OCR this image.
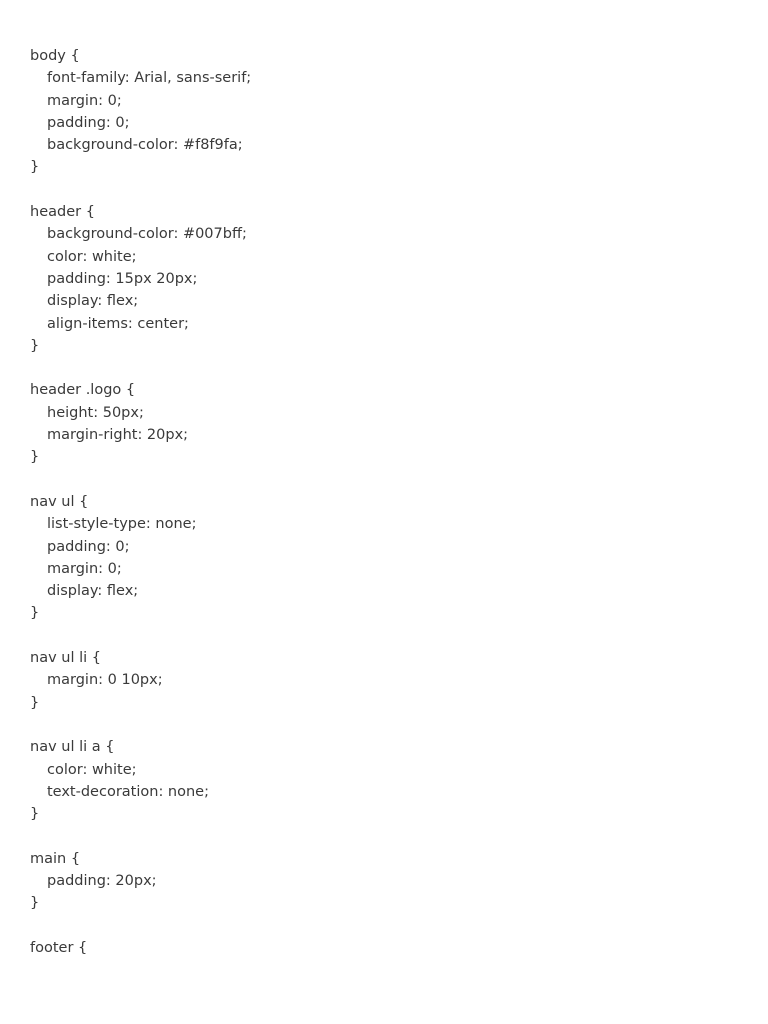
body {
font-family: Arial, sans-serif;
margin: 0;
padding: 0;
background-color: #f8f9fa;
}
header {
background-color: #007bff;
color: white;
padding: 15px 20px;
display: flex;
align-items: center;
}
header .logo {
height: 50px;
margin-right: 20px;
}
nav ul {
list-style-type: none;
padding: 0;
margin: 0;
display: flex;
}
nav ul li {
margin: 0 10px;
}
nav ul li a {
color: white;
text-decoration: none;
}
main {
padding: 20px;
}
footer {
